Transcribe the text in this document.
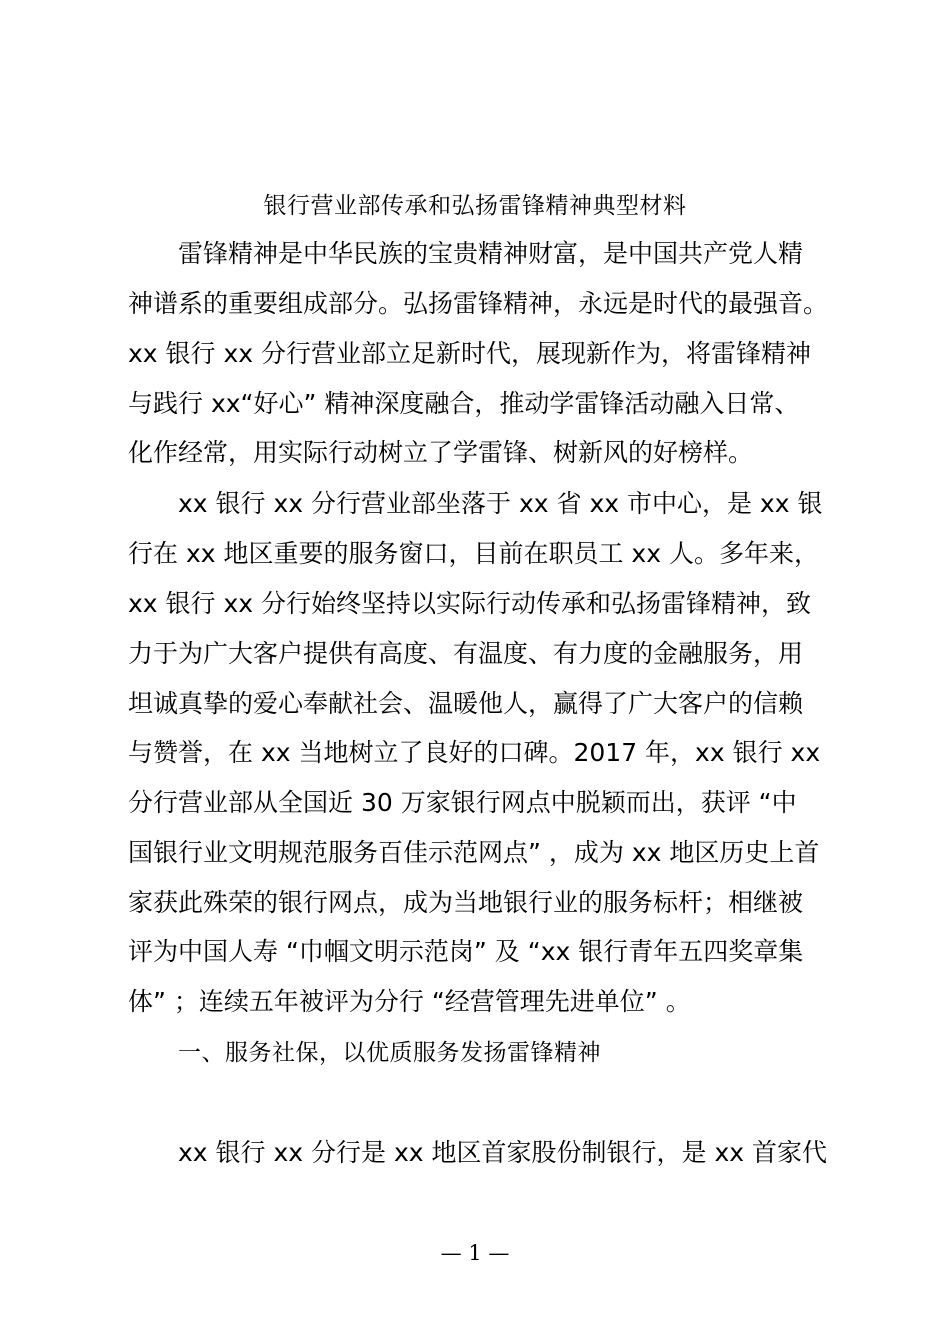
银行营业部传承和弘扬雷锋精神典型材料
雷锋精神是中华民族的宝贵精神财富，是中国共产党人精
神谱系的重要组成部分。弘扬雷锋精神，永远是时代的最强音。
xx 银行 xx 分行营业部立足新时代，展现新作为，将雷锋精神
与践行 xx“好心” 精神深度融合，推动学雷锋活动融入日常、
化作经常，用实际行动树立了学雷锋、树新风的好榜样。
xx 银行 xx 分行营业部坐落于 xx 省 xx 市中心，是 xx 银
行在 xx 地区重要的服务窗口，目前在职员工 xx 人。多年来，
xx 银行 xx 分行始终坚持以实际行动传承和弘扬雷锋精神，致
力于为广大客户提供有高度、有温度、有力度的金融服务，用
坦诚真挚的爱心奉献社会、温暖他人，赢得了广大客户的信赖
与赞誉，在 xx 当地树立了良好的口碑。2017 年，xx 银行 xx
分行营业部从全国近 30 万家银行网点中脱颖而出，获评 “中
国银行业文明规范服务百佳示范网点” ，成为 xx 地区历史上首
家获此殊荣的银行网点，成为当地银行业的服务标杆；相继被
评为中国人寿 “巾帼文明示范岗” 及 “xx 银行青年五四奖章集
体” ；连续五年被评为分行 “经营管理先进单位” 。
一、服务社保，以优质服务发扬雷锋精神
xx 银行 xx 分行是 xx 地区首家股份制银行，是 xx 首家代
— 1 —
